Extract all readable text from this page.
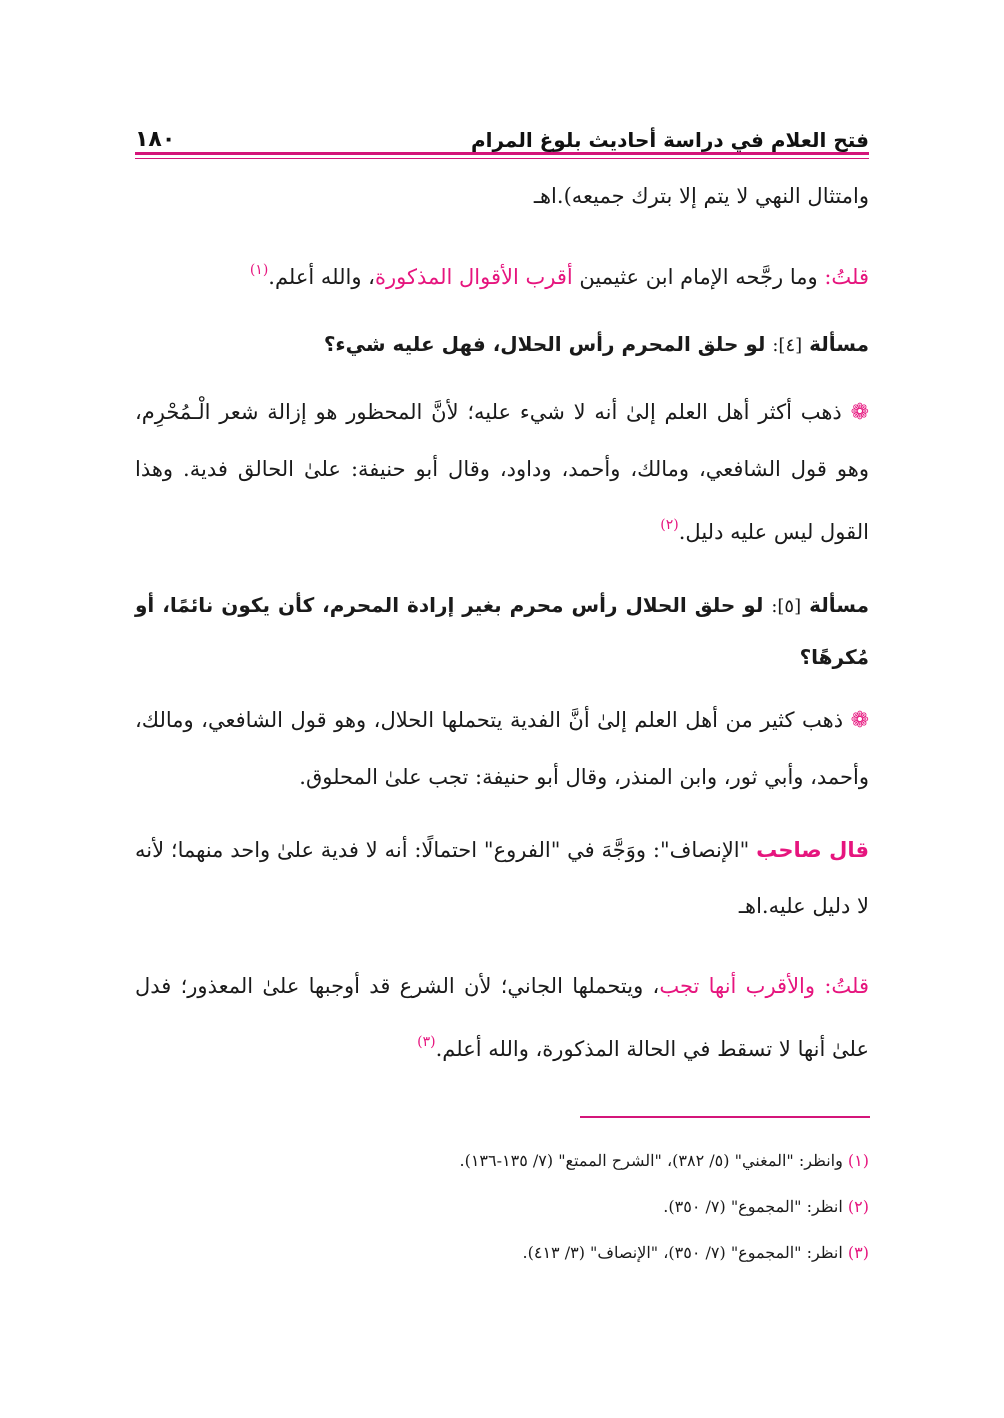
فتح العلام في دراسة أحاديث بلوغ المرام
١٨٠
وامتثال النهي لا يتم إلا بترك جميعه).اهـ
قلتُ: وما رجَّحه الإمام ابن عثيمين أقرب الأقوال المذكورة، والله أعلم.$^{(١)}$
مسألة [٤]: لو حلق المحرم رأس الحلال، فهل عليه شيء؟
❁ ذهب أكثر أهل العلم إلىٰ أنه لا شيء عليه؛ لأنَّ المحظور هو إزالة شعر الْـمُحْرِم، وهو قول الشافعي، ومالك، وأحمد، وداود، وقال أبو حنيفة: علىٰ الحالق فدية. وهذا القول ليس عليه دليل.$^{(٢)}$
مسألة [٥]: لو حلق الحلال رأس محرم بغير إرادة المحرم، كأن يكون نائمًا، أو مُكرهًا؟
❁ ذهب كثير من أهل العلم إلىٰ أنَّ الفدية يتحملها الحلال، وهو قول الشافعي، ومالك، وأحمد، وأبي ثور، وابن المنذر، وقال أبو حنيفة: تجب علىٰ المحلوق.
قال صاحب "الإنصاف": ووَجَّهَ في "الفروع" احتمالًا: أنه لا فدية علىٰ واحد منهما؛ لأنه لا دليل عليه.اهـ
قلتُ: والأقرب أنها تجب، ويتحملها الجاني؛ لأن الشرع قد أوجبها علىٰ المعذور؛ فدل علىٰ أنها لا تسقط في الحالة المذكورة، والله أعلم.$^{(٣)}$
(١) وانظر: "المغني" (٥/ ٣٨٢)، "الشرح الممتع" (٧/ ١٣٥-١٣٦).
(٢) انظر: "المجموع" (٧/ ٣٥٠).
(٣) انظر: "المجموع" (٧/ ٣٥٠)، "الإنصاف" (٣/ ٤١٣).
